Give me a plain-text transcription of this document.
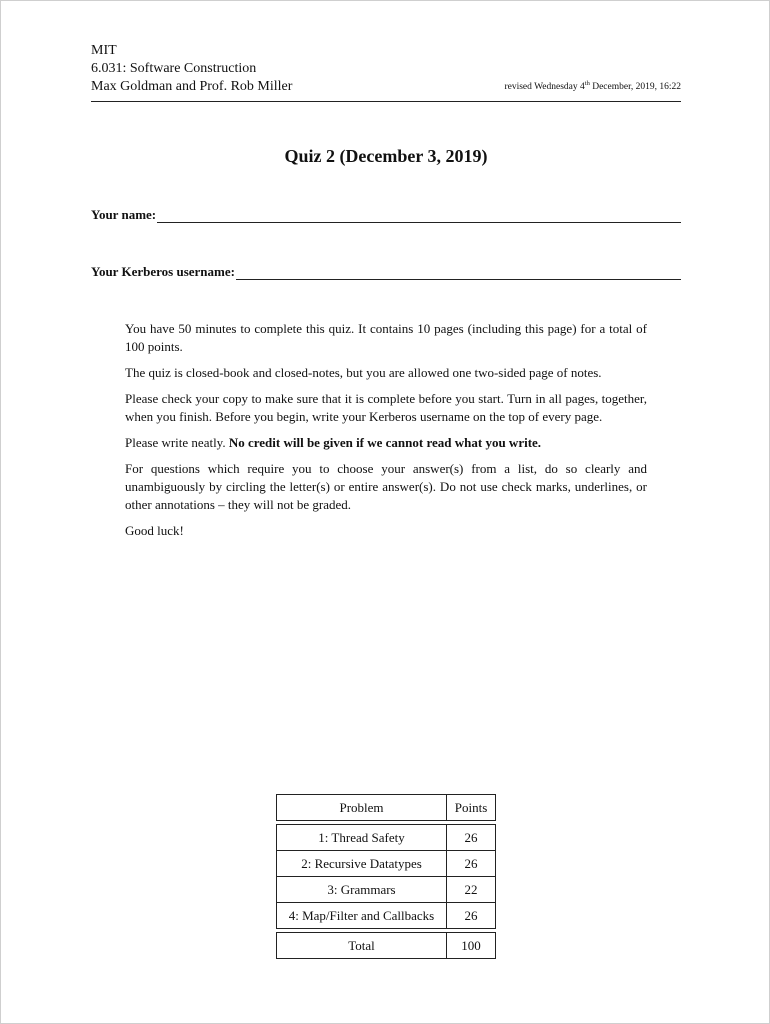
MIT
6.031: Software Construction
Max Goldman and Prof. Rob Miller	revised Wednesday 4th December, 2019, 16:22
Quiz 2 (December 3, 2019)
Your name:
Your Kerberos username:

You have 50 minutes to complete this quiz. It contains 10 pages (including this page) for a total of 100 points.

The quiz is closed-book and closed-notes, but you are allowed one two-sided page of notes.

Please check your copy to make sure that it is complete before you start. Turn in all pages, together, when you finish. Before you begin, write your Kerberos username on the top of every page.

Please write neatly. No credit will be given if we cannot read what you write.

For questions which require you to choose your answer(s) from a list, do so clearly and unambiguously by circling the letter(s) or entire answer(s). Do not use check marks, underlines, or other annotations – they will not be graded.

Good luck!

Problem	Points

1: Thread Safety	26
2: Recursive Datatypes	26
3: Grammars	22
4: Map/Filter and Callbacks	26

Total	100
